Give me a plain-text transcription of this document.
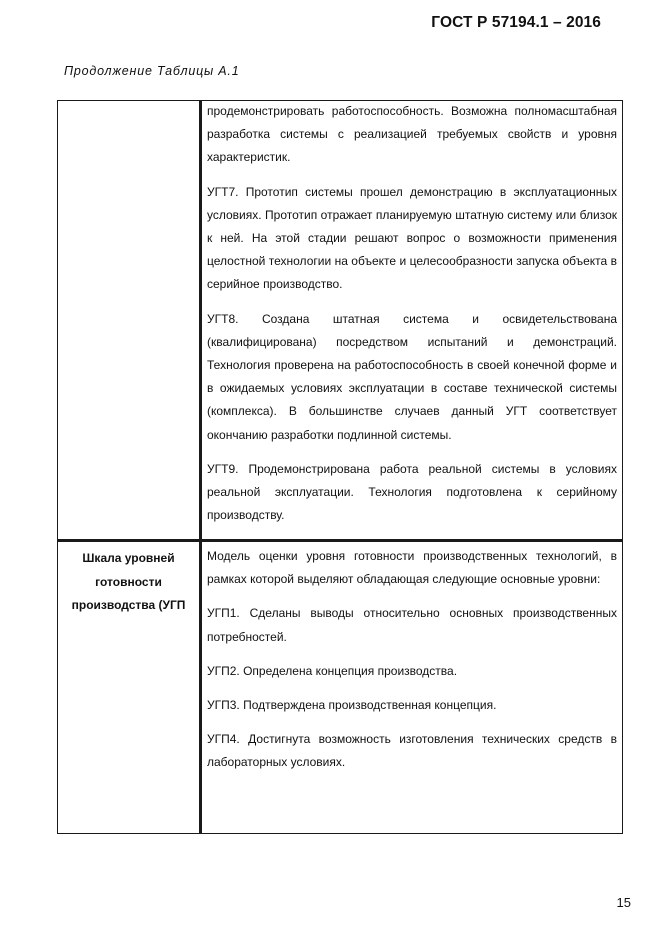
ГОСТ Р 57194.1 – 2016
Продолжение Таблицы А.1

продемонстрировать работоспособность. Возможна полномасштабная разработка системы с реализацией требуемых свойств и уровня характеристик.

УГТ7. Прототип системы прошел демонстрацию в эксплуатационных условиях. Прототип отражает планируемую штатную систему или близок к ней. На этой стадии решают вопрос о возможности применения целостной технологии на объекте и целесообразности запуска объекта в серийное производство.

УГТ8. Создана штатная система и освидетельствована (квалифицирована) посредством испытаний и демонстраций. Технология проверена на работоспособность в своей конечной форме и в ожидаемых условиях эксплуатации в составе технической системы (комплекса). В большинстве случаев данный УГТ соответствует окончанию разработки подлинной системы.

УГТ9. Продемонстрирована работа реальной системы в условиях реальной эксплуатации. Технология подготовлена к серийному производству.

Шкала уровней готовности производства (УГП

Модель оценки уровня готовности производственных технологий, в рамках которой выделяют обладающая следующие основные уровни:

УГП1. Сделаны выводы относительно основных производственных потребностей.

УГП2. Определена концепция производства.

УГП3. Подтверждена производственная концепция.

УГП4. Достигнута возможность изготовления технических средств в лабораторных условиях.

15
